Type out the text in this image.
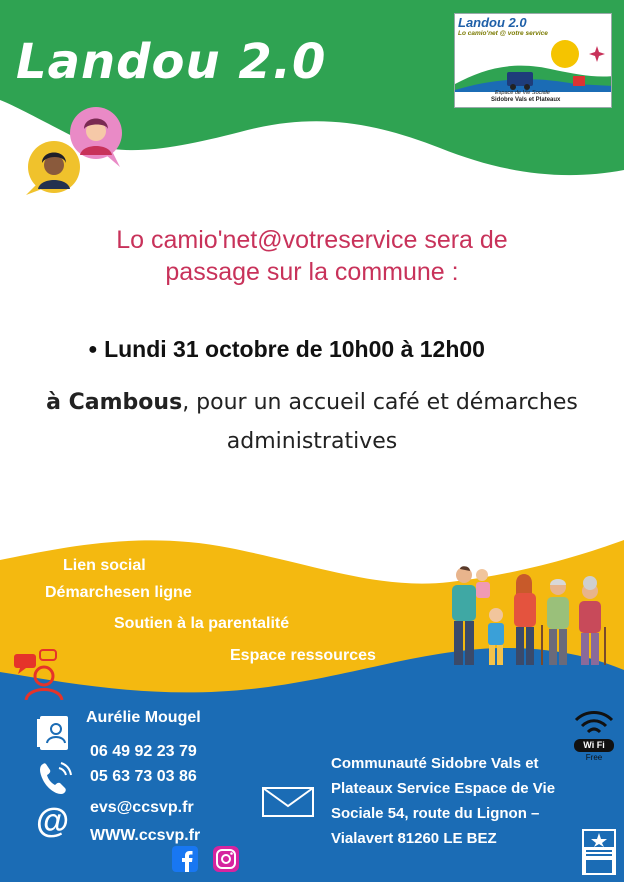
Landou 2.0
Landou 2.0
Lo camio'net @ votre service
Espace de Vie Sociale
Sidobre Vals et Plateaux
Lo camio'net@votreservice sera de
passage sur la commune :
● Lundi 31 octobre de 10h00 à 12h00
à Cambous, pour un accueil café et démarches
administratives
Lien social
Démarchesen ligne
Soutien à la parentalité
Espace ressources
Aurélie Mougel
06 49 92 23 79
05 63 73 03 86
@ evs@ccsvp.fr
WWW.ccsvp.fr
Communauté Sidobre Vals et Plateaux Service Espace de Vie Sociale 54, route du Lignon – Vialavert 81260 LE BEZ
Wi Fi
Free
